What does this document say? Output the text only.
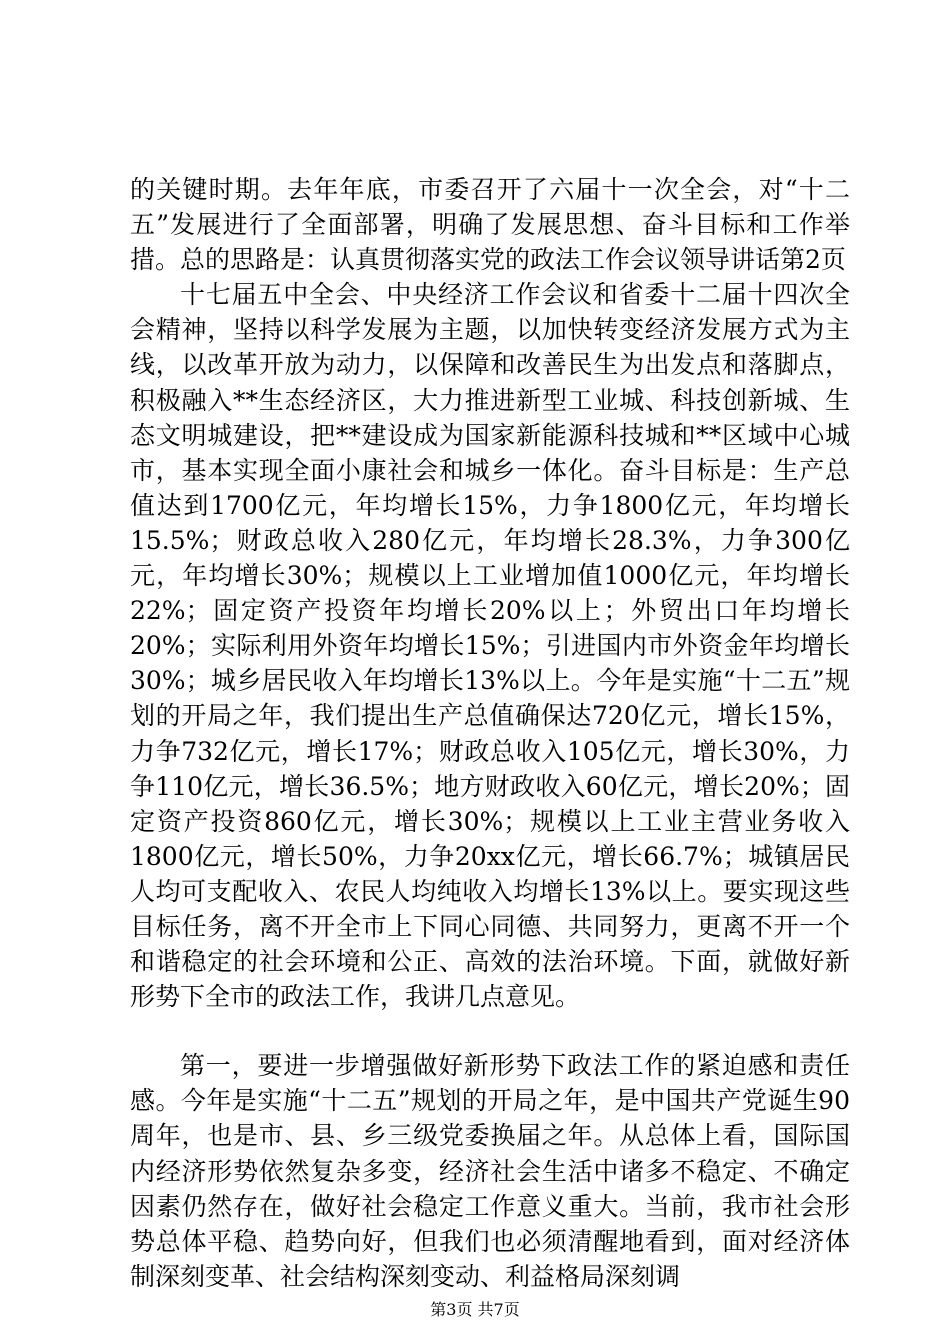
的关键时期。去年年底，市委召开了六届十一次全会，对“十二五”发展进行了全面部署，明确了发展思想、奋斗目标和工作举措。总的思路是：认真贯彻落实党的政法工作会议领导讲话第2页

十七届五中全会、中央经济工作会议和省委十二届十四次全会精神，坚持以科学发展为主题，以加快转变经济发展方式为主线，以改革开放为动力，以保障和改善民生为出发点和落脚点，积极融入**生态经济区，大力推进新型工业城、科技创新城、生态文明城建设，把**建设成为国家新能源科技城和**区域中心城市，基本实现全面小康社会和城乡一体化。奋斗目标是：生产总值达到1700亿元，年均增长15%，力争1800亿元，年均增长15.5%；财政总收入280亿元，年均增长28.3%，力争300亿元，年均增长30%；规模以上工业增加值1000亿元，年均增长22%；固定资产投资年均增长20%以上；外贸出口年均增长20%；实际利用外资年均增长15%；引进国内市外资金年均增长30%；城乡居民收入年均增长13%以上。今年是实施“十二五”规划的开局之年，我们提出生产总值确保达720亿元，增长15%，力争732亿元，增长17%；财政总收入105亿元，增长30%，力争110亿元，增长36.5%；地方财政收入60亿元，增长20%；固定资产投资860亿元，增长30%；规模以上工业主营业务收入1800亿元，增长50%，力争20xx亿元，增长66.7%；城镇居民人均可支配收入、农民人均纯收入均增长13%以上。要实现这些目标任务，离不开全市上下同心同德、共同努力，更离不开一个和谐稳定的社会环境和公正、高效的法治环境。下面，就做好新形势下全市的政法工作，我讲几点意见。

第一，要进一步增强做好新形势下政法工作的紧迫感和责任感。今年是实施“十二五”规划的开局之年，是中国共产党诞生90周年，也是市、县、乡三级党委换届之年。从总体上看，国际国内经济形势依然复杂多变，经济社会生活中诸多不稳定、不确定因素仍然存在，做好社会稳定工作意义重大。当前，我市社会形势总体平稳、趋势向好，但我们也必须清醒地看到，面对经济体制深刻变革、社会结构深刻变动、利益格局深刻调

第3页 共7页
